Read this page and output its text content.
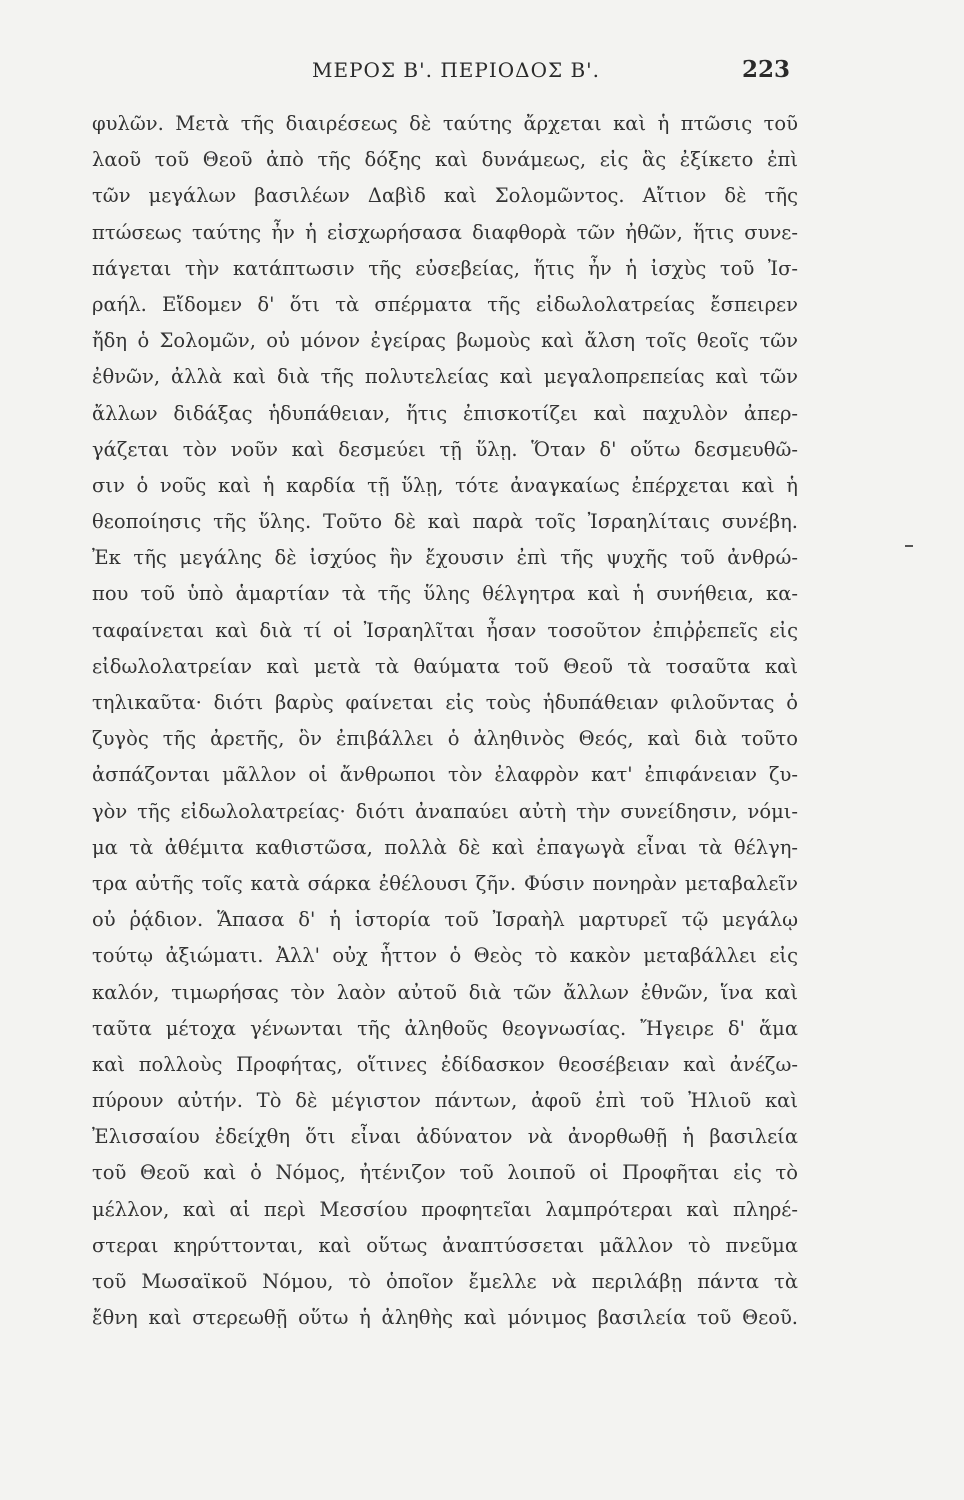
ΜΕΡΟΣ Β'. ΠΕΡΙΟΔΟΣ Β'.	223
φυλῶν. Μετὰ τῆς διαιρέσεως δὲ ταύτης ἄρχεται καὶ ἡ πτῶσις τοῦ
λαοῦ τοῦ Θεοῦ ἀπὸ τῆς δόξης καὶ δυνάμεως, εἰς ἃς ἐξίκετο ἐπὶ
τῶν μεγάλων βασιλέων Δαβὶδ καὶ Σολομῶντος. Αἴτιον δὲ τῆς
πτώσεως ταύτης ἦν ἡ εἰσχωρήσασα διαφθορὰ τῶν ἠθῶν, ἥτις συνε-
πάγεται τὴν κατάπτωσιν τῆς εὐσεβείας, ἥτις ἦν ἡ ἰσχὺς τοῦ Ἰσ-
ραήλ. Εἴδομεν δ' ὅτι τὰ σπέρματα τῆς εἰδωλολατρείας ἔσπειρεν
ἤδη ὁ Σολομῶν, οὐ μόνον ἐγείρας βωμοὺς καὶ ἄλση τοῖς θεοῖς τῶν
ἐθνῶν, ἀλλὰ καὶ διὰ τῆς πολυτελείας καὶ μεγαλοπρεπείας καὶ τῶν
ἄλλων διδάξας ἡδυπάθειαν, ἥτις ἐπισκοτίζει καὶ παχυλὸν ἀπερ-
γάζεται τὸν νοῦν καὶ δεσμεύει τῇ ὕλῃ. Ὅταν δ' οὕτω δεσμευθῶ-
σιν ὁ νοῦς καὶ ἡ καρδία τῇ ὕλῃ, τότε ἀναγκαίως ἐπέρχεται καὶ ἡ
θεοποίησις τῆς ὕλης. Τοῦτο δὲ καὶ παρὰ τοῖς Ἰσραηλίταις συνέβη.
Ἐκ τῆς μεγάλης δὲ ἰσχύος ἣν ἔχουσιν ἐπὶ τῆς ψυχῆς τοῦ ἀνθρώ-
που τοῦ ὑπὸ ἁμαρτίαν τὰ τῆς ὕλης θέλγητρα καὶ ἡ συνήθεια, κα-
ταφαίνεται καὶ διὰ τί οἱ Ἰσραηλῖται ἦσαν τοσοῦτον ἐπιῤῥεπεῖς εἰς
εἰδωλολατρείαν καὶ μετὰ τὰ θαύματα τοῦ Θεοῦ τὰ τοσαῦτα καὶ
τηλικαῦτα· διότι βαρὺς φαίνεται εἰς τοὺς ἡδυπάθειαν φιλοῦντας ὁ
ζυγὸς τῆς ἀρετῆς, ὃν ἐπιβάλλει ὁ ἀληθινὸς Θεός, καὶ διὰ τοῦτο
ἀσπάζονται μᾶλλον οἱ ἄνθρωποι τὸν ἐλαφρὸν κατ' ἐπιφάνειαν ζυ-
γὸν τῆς εἰδωλολατρείας· διότι ἀναπαύει αὐτὴ τὴν συνείδησιν, νόμι-
μα τὰ ἀθέμιτα καθιστῶσα, πολλὰ δὲ καὶ ἐπαγωγὰ εἶναι τὰ θέλγη-
τρα αὐτῆς τοῖς κατὰ σάρκα ἐθέλουσι ζῆν. Φύσιν πονηρὰν μεταβαλεῖν
οὐ ῥᾴδιον. Ἅπασα δ' ἡ ἱστορία τοῦ Ἰσραὴλ μαρτυρεῖ τῷ μεγάλῳ
τούτῳ ἀξιώματι. Ἀλλ' οὐχ ἧττον ὁ Θεὸς τὸ κακὸν μεταβάλλει εἰς
καλόν, τιμωρήσας τὸν λαὸν αὐτοῦ διὰ τῶν ἄλλων ἐθνῶν, ἵνα καὶ
ταῦτα μέτοχα γένωνται τῆς ἀληθοῦς θεογνωσίας. Ἤγειρε δ' ἅμα
καὶ πολλοὺς Προφήτας, οἵτινες ἐδίδασκον θεοσέβειαν καὶ ἀνέζω-
πύρουν αὐτήν. Τὸ δὲ μέγιστον πάντων, ἀφοῦ ἐπὶ τοῦ Ἠλιοῦ καὶ
Ἐλισσαίου ἐδείχθη ὅτι εἶναι ἀδύνατον νὰ ἀνορθωθῇ ἡ βασιλεία
τοῦ Θεοῦ καὶ ὁ Νόμος, ἠτένιζον τοῦ λοιποῦ οἱ Προφῆται εἰς τὸ
μέλλον, καὶ αἱ περὶ Μεσσίου προφητεῖαι λαμπρότεραι καὶ πληρέ-
στεραι κηρύττονται, καὶ οὕτως ἀναπτύσσεται μᾶλλον τὸ πνεῦμα
τοῦ Μωσαϊκοῦ Νόμου, τὸ ὁποῖον ἔμελλε νὰ περιλάβῃ πάντα τὰ
ἔθνη καὶ στερεωθῇ οὕτω ἡ ἀληθὴς καὶ μόνιμος βασιλεία τοῦ Θεοῦ.
